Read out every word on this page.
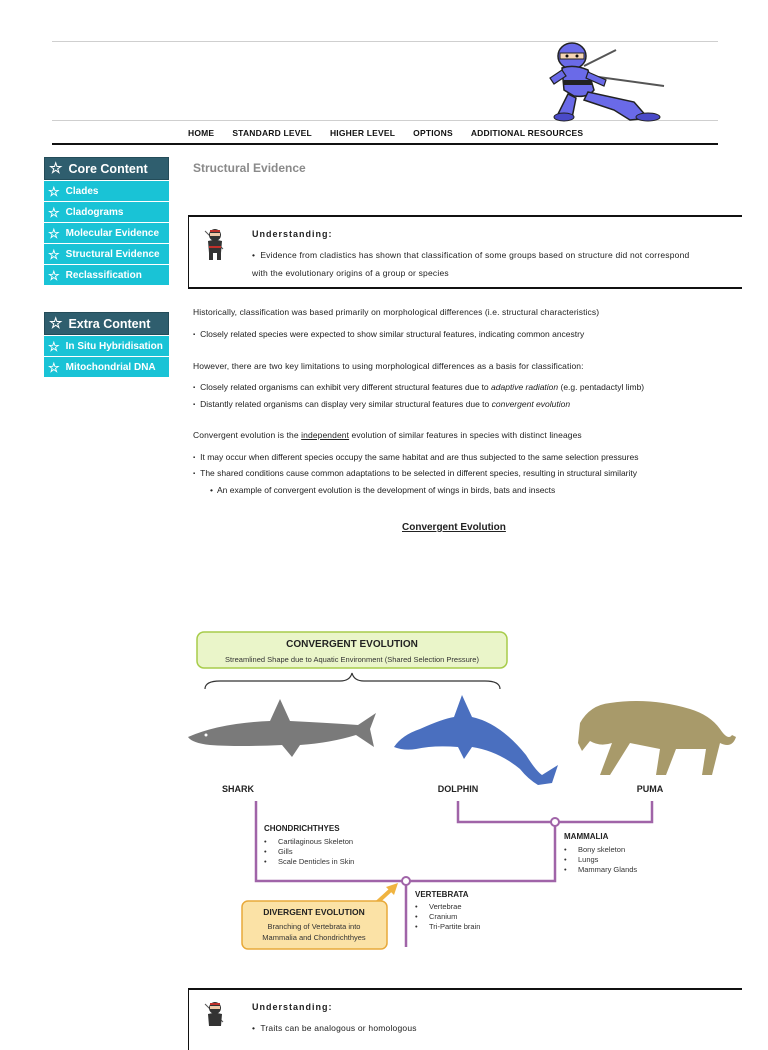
HOME STANDARD LEVEL HIGHER LEVEL OPTIONS ADDITIONAL RESOURCES
☆ Core Content
☆ Clades
☆ Cladograms
☆ Molecular Evidence
☆ Structural Evidence
☆ Reclassification
☆ Extra Content
☆ In Situ Hybridisation
☆ Mitochondrial DNA
Structural Evidence
Understanding:
•  Evidence from cladistics has shown that classification of some groups based on structure did not correspond
with the evolutionary origins of a group or species
Historically, classification was based primarily on morphological differences (i.e. structural characteristics)
▪ Closely related species were expected to show similar structural features, indicating common ancestry
However, there are two key limitations to using morphological differences as a basis for classification:
▪ Closely related organisms can exhibit very different structural features due to adaptive radiation (e.g. pentadactyl limb)
▪ Distantly related organisms can display very similar structural features due to convergent evolution
Convergent evolution is the independent evolution of similar features in species with distinct lineages
▪ It may occur when different species occupy the same habitat and are thus subjected to the same selection pressures
▪ The shared conditions cause common adaptations to be selected in different species, resulting in structural similarity
• An example of convergent evolution is the development of wings in birds, bats and insects
Convergent Evolution
CONVERGENT EVOLUTION
Streamlined Shape due to Aquatic Environment (Shared Selection Pressure)
SHARK	DOLPHIN	PUMA
CHONDRICHTHYES
• Cartilaginous Skeleton
• Gills
• Scale Denticles in Skin
MAMMALIA
• Bony skeleton
• Lungs
• Mammary Glands
VERTEBRATA
• Vertebrae
• Cranium
• Tri-Partite brain
DIVERGENT EVOLUTION
Branching of Vertebrata into
Mammalia and Chondrichthyes
Understanding:
•  Traits can be analogous or homologous
